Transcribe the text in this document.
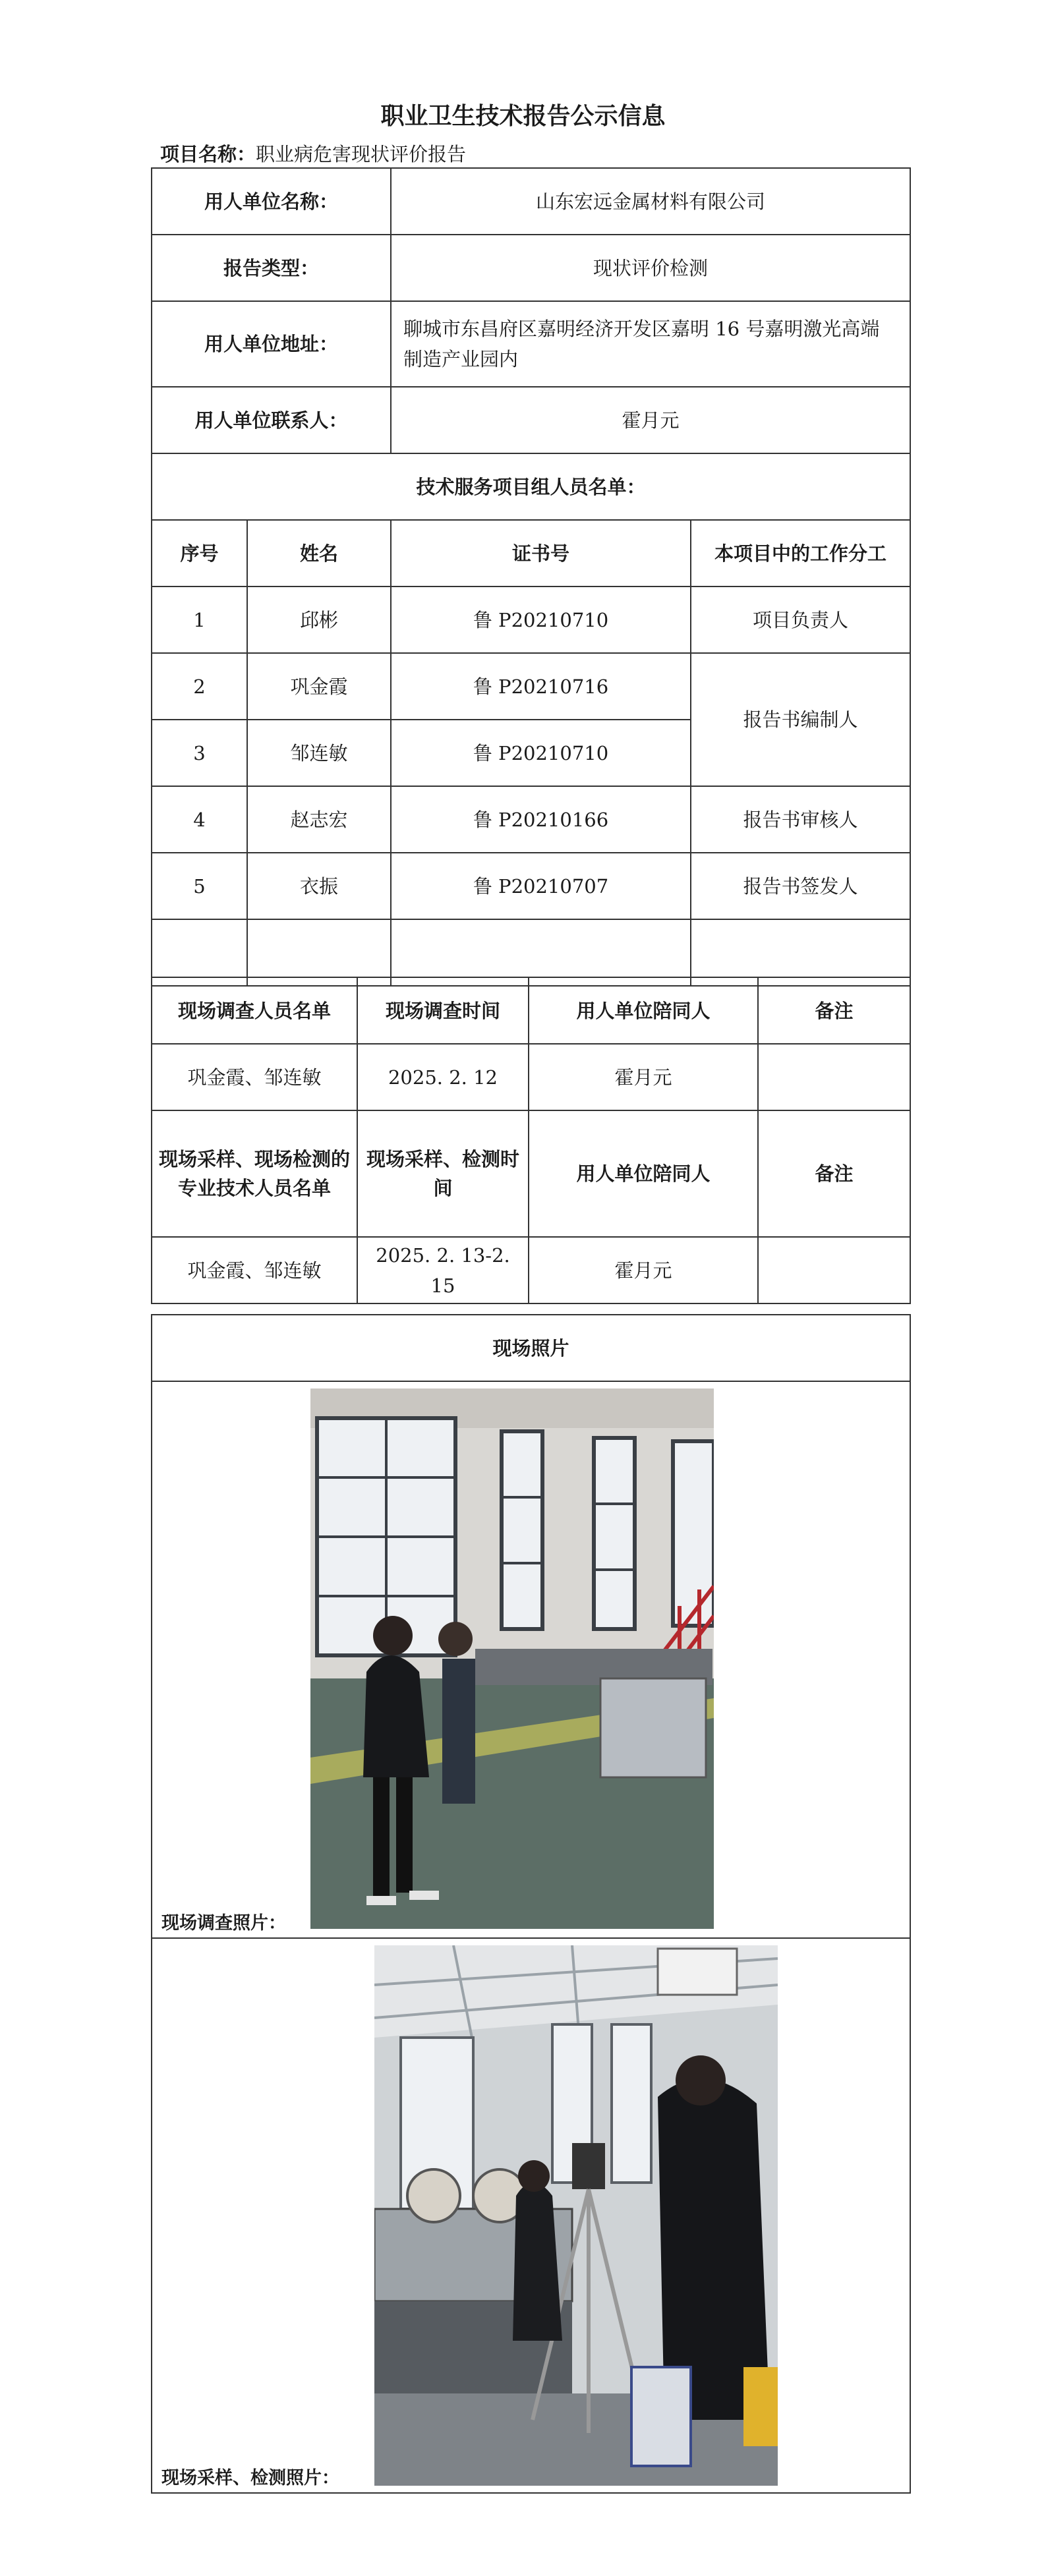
职业卫生技术报告公示信息
项目名称：职业病危害现状评价报告
用人单位名称：		山东宏远金属材料有限公司	
报告类型：		现状评价检测	
用人单位地址：		聊城市东昌府区嘉明经济开发区嘉明 16 号嘉明激光高端制造产业园内	
用人单位联系人：		霍月元	
技术服务项目组人员名单：			
序号	姓名	证书号	本项目中的工作分工
1	邱彬	鲁 P20210710	项目负责人
2	巩金霞	鲁 P20210716	报告书编制人
3	邹连敏	鲁 P20210710	
4	赵志宏	鲁 P20210166	报告书审核人
5	衣振	鲁 P20210707	报告书签发人

现场调查人员名单	现场调查时间	用人单位陪同人	备注
巩金霞、邹连敏	2025. 2. 12	霍月元	
现场采样、现场检测的专业技术人员名单	现场采样、检测时间	用人单位陪同人	备注
巩金霞、邹连敏	2025. 2. 13-2. 15	霍月元	
现场照片

现场调查照片：

现场采样、检测照片：
